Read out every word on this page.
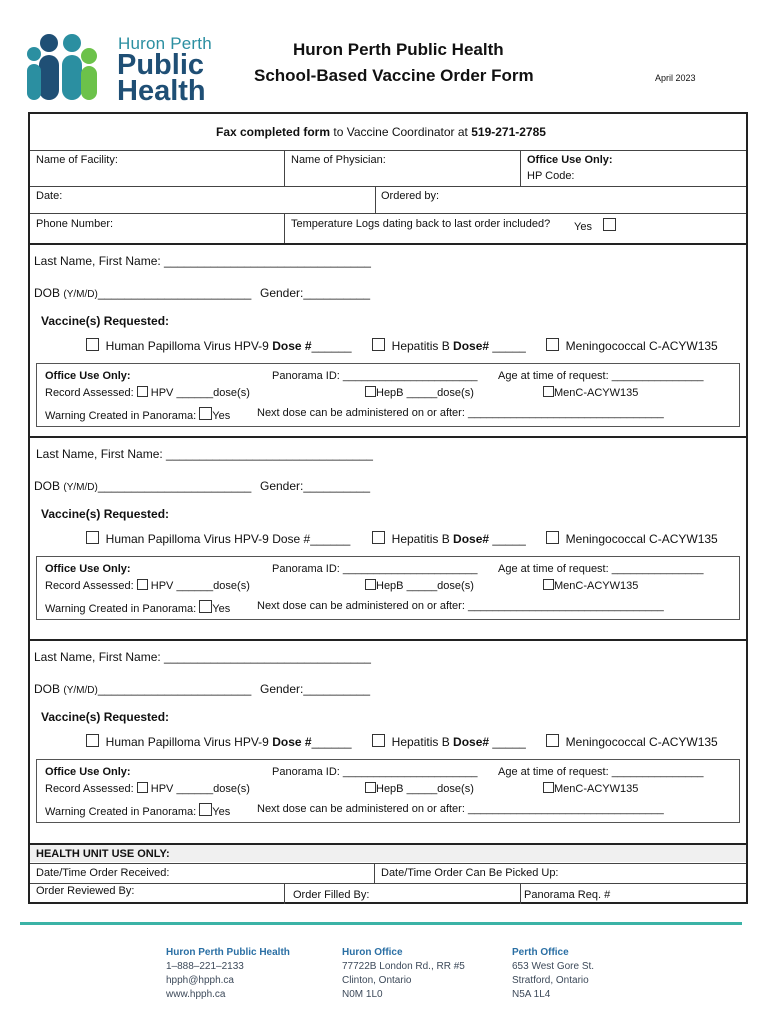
Huron Perth
Public
Health
Huron Perth Public Health
School-Based Vaccine Order Form	April 2023
Fax completed form to Vaccine Coordinator at 519-271-2785
Name of Facility:	Name of Physician:	Office Use Only:
HP Code:
Date:	Ordered by:
Phone Number:	Temperature Logs dating back to last order included? Yes
Last Name, First Name: _______________________________
DOB (Y/M/D)_______________________ Gender:__________
Vaccine(s) Requested:
Human Papilloma Virus HPV-9 Dose #______	Hepatitis B Dose# _____	Meningococcal C-ACYW135
Office Use Only:	Panorama ID: ______________________ Age at time of request: _______________
Record Assessed: HPV ______dose(s)	HepB _____dose(s)	MenC-ACYW135
Warning Created in Panorama: Yes Next dose can be administered on or after: ________________________________
Last Name, First Name: _______________________________
DOB (Y/M/D)_______________________ Gender:__________
Vaccine(s) Requested:
Human Papilloma Virus HPV-9 Dose #______	Hepatitis B Dose# _____	Meningococcal C-ACYW135
Office Use Only:	Panorama ID: ______________________ Age at time of request: _______________
Record Assessed: HPV ______dose(s)	HepB _____dose(s)	MenC-ACYW135
Warning Created in Panorama: Yes Next dose can be administered on or after: ________________________________
Last Name, First Name: _______________________________
DOB (Y/M/D)_______________________ Gender:__________
Vaccine(s) Requested:
Human Papilloma Virus HPV-9 Dose #______	Hepatitis B Dose# _____	Meningococcal C-ACYW135
Office Use Only:	Panorama ID: ______________________ Age at time of request: _______________
Record Assessed: HPV ______dose(s)	HepB _____dose(s)	MenC-ACYW135
Warning Created in Panorama: Yes Next dose can be administered on or after: ________________________________
HEALTH UNIT USE ONLY:
Date/Time Order Received:	Date/Time Order Can Be Picked Up:
Order Reviewed By:	Order Filled By:	Panorama Req. #
Huron Perth Public Health
1–888–221–2133
hpph@hpph.ca
www.hpph.ca
Huron Office
77722B London Rd., RR #5
Clinton, Ontario
N0M 1L0
Perth Office
653 West Gore St.
Stratford, Ontario
N5A 1L4
